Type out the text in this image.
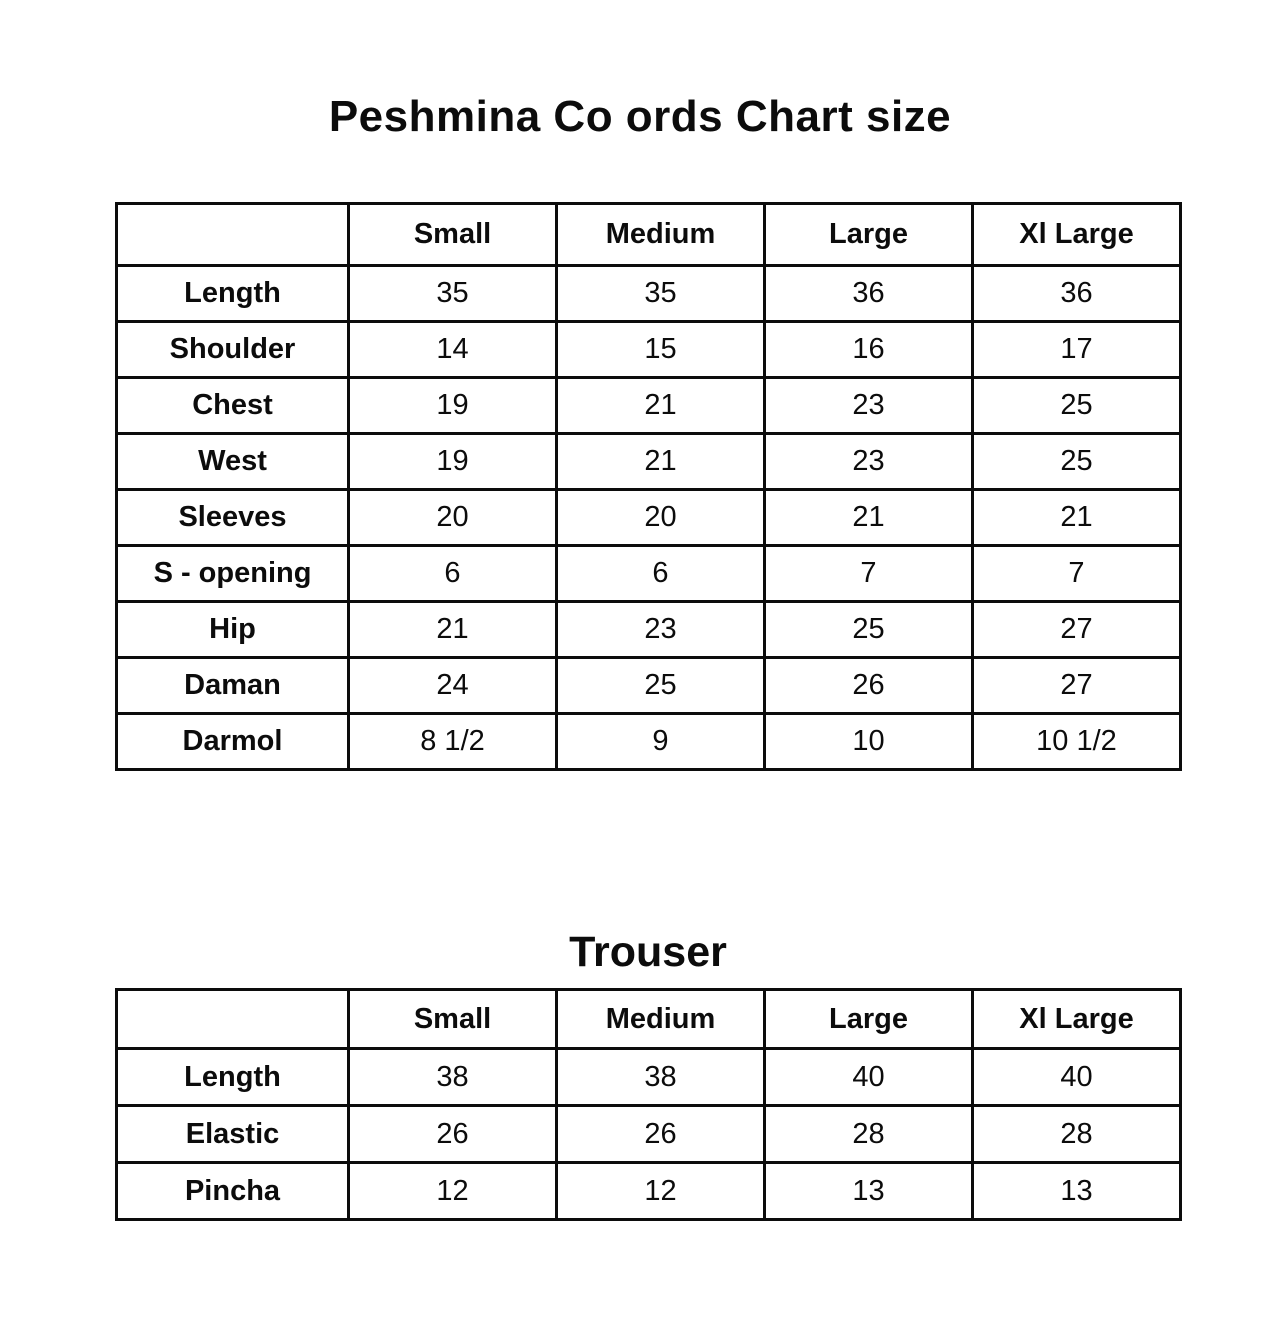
Peshmina Co ords Chart size
	Small	Medium	Large	Xl Large
Length	35	35	36	36
Shoulder	14	15	16	17
Chest	19	21	23	25
West	19	21	23	25
Sleeves	20	20	21	21
S - opening	6	6	7	7
Hip	21	23	25	27
Daman	24	25	26	27
Darmol	8 1/2	9	10	10 1/2
Trouser
	Small	Medium	Large	Xl Large
Length	38	38	40	40
Elastic	26	26	28	28
Pincha	12	12	13	13
